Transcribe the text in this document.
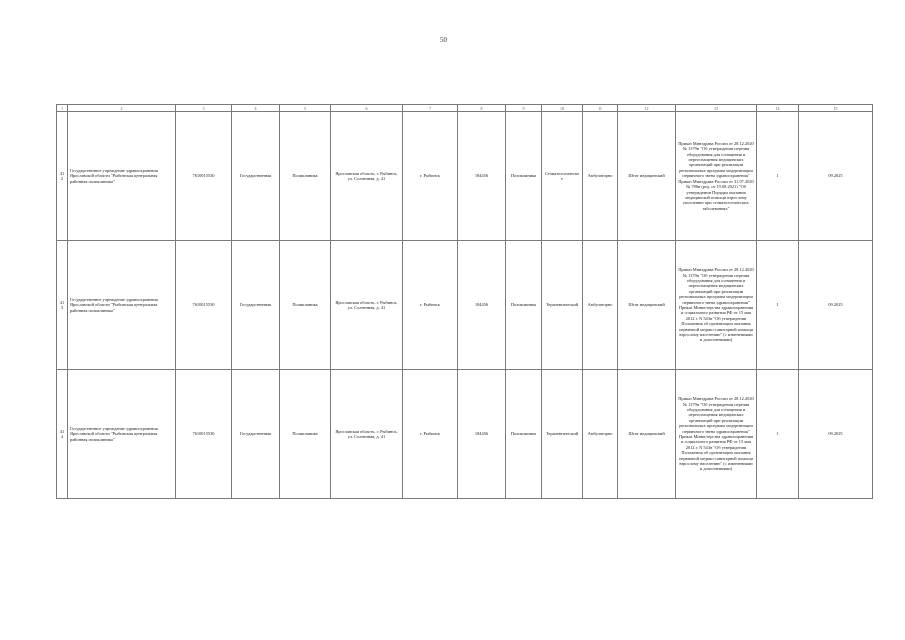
50
1	2	3	4	5	6	7	8	9	10	11	12	13	14	15
412	Государственное учреждение здравоохранения Ярославской области "Рыбинская центральная районная поликлиника"	7610015530	Государственная	Поликлиника	Ярославская область, г. Рыбинск, ул. Солнечная, д. 41	г. Рыбинск	184456	Поликлиника	Стоматологическое	Амбулаторно	Штат медицинский	Приказ Минздрава России от 28.12.2020 № 1379н "Об утверждении перечня оборудования для оснащения и переоснащения медицинских организаций при реализации региональных программ модернизации первичного звена здравоохранения" Приказ Минздрава России от 31.07.2020 № 786н (ред. от 19.08.2021) "Об утверждении Порядка оказания медицинской помощи взрослому населению при стоматологических заболеваниях"	1	09.2025
413	Государственное учреждение здравоохранения Ярославской области "Рыбинская центральная районная поликлиника"	7610015530	Государственная	Поликлиника	Ярославская область, г. Рыбинск, ул. Солнечная, д. 41	г. Рыбинск	184456	Поликлиника	Терапевтический	Амбулаторно	Штат медицинский	Приказ Минздрава России от 28.12.2020 № 1379н "Об утверждении перечня оборудования для оснащения и переоснащения медицинских организаций при реализации региональных программ модернизации первичного звена здравоохранения" Приказ Министерства здравоохранения и социального развития РФ от 15 мая 2012 г. N 543н "Об утверждении Положения об организации оказания первичной медико-санитарной помощи взрослому населению" (с изменениями и дополнениями)	1	09.2025
414	Государственное учреждение здравоохранения Ярославской области "Рыбинская центральная районная поликлиника"	7610015530	Государственная	Поликлиника	Ярославская область, г. Рыбинск, ул. Солнечная, д. 41	г. Рыбинск	184456	Поликлиника	Терапевтический	Амбулаторно	Штат медицинский	Приказ Минздрава России от 28.12.2020 № 1379н "Об утверждении перечня оборудования для оснащения и переоснащения медицинских организаций при реализации региональных программ модернизации первичного звена здравоохранения" Приказ Министерства здравоохранения и социального развития РФ от 15 мая 2012 г. N 543н "Об утверждении Положения об организации оказания первичной медико-санитарной помощи взрослому населению" (с изменениями и дополнениями)	1	09.2025
